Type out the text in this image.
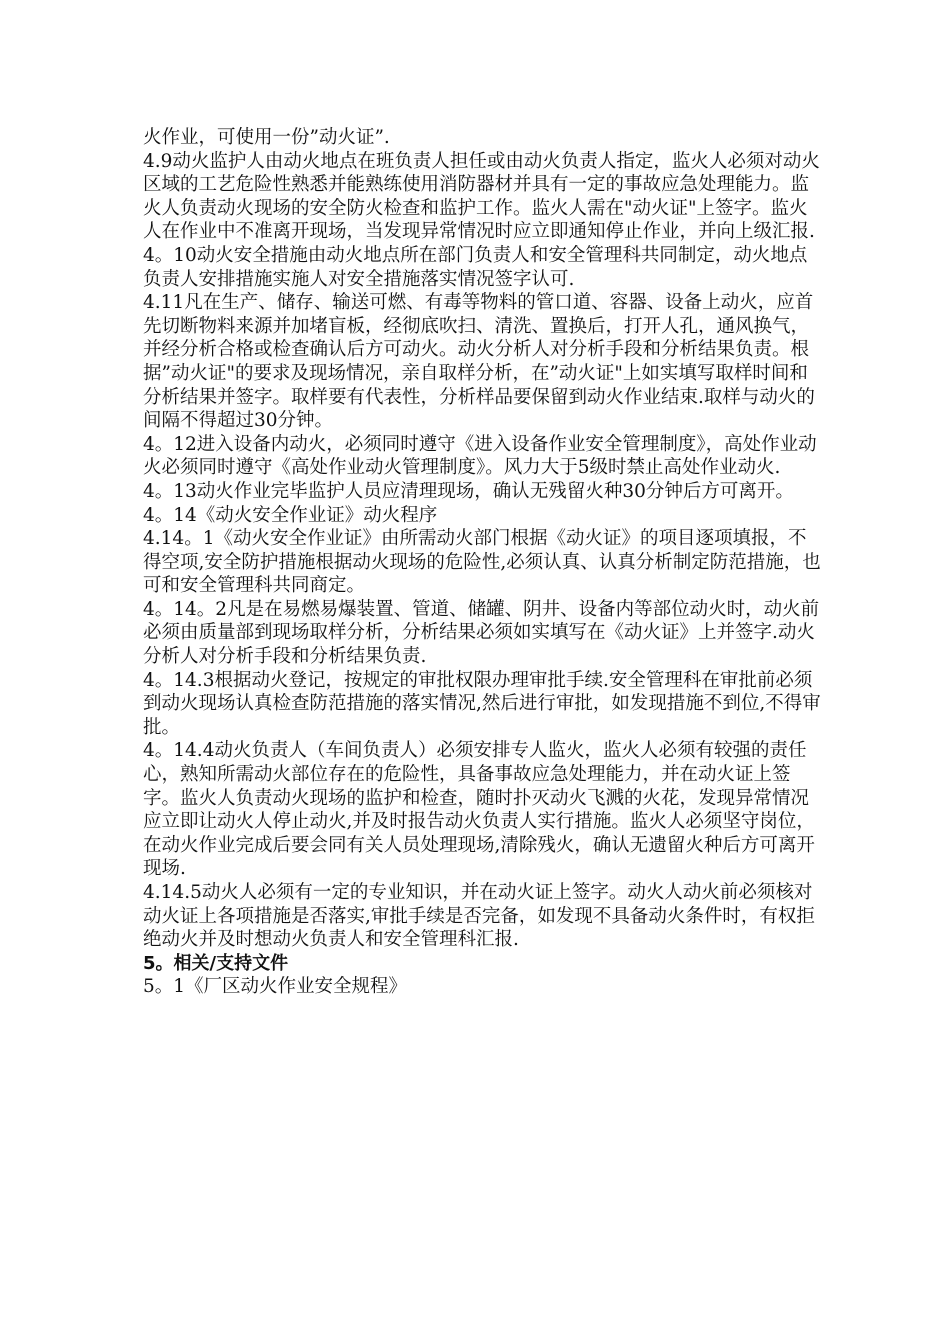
火作业，可使用一份”动火证”.

4.9动火监护人由动火地点在班负责人担任或由动火负责人指定，监火人必须对动火区域的工艺危险性熟悉并能熟练使用消防器材并具有一定的事故应急处理能力。监火人负责动火现场的安全防火检查和监护工作。监火人需在"动火证"上签字。监火人在作业中不准离开现场，当发现异常情况时应立即通知停止作业，并向上级汇报.

4。10动火安全措施由动火地点所在部门负责人和安全管理科共同制定，动火地点负责人安排措施实施人对安全措施落实情况签字认可.

4.11凡在生产、储存、输送可燃、有毒等物料的管口道、容器、设备上动火，应首先切断物料来源并加堵盲板，经彻底吹扫、清洗、置换后，打开人孔，通风换气，并经分析合格或检查确认后方可动火。动火分析人对分析手段和分析结果负责。根据”动火证"的要求及现场情况，亲自取样分析，在”动火证"上如实填写取样时间和分析结果并签字。取样要有代表性，分析样品要保留到动火作业结束.取样与动火的间隔不得超过30分钟。

4。12进入设备内动火，必须同时遵守《进入设备作业安全管理制度》，高处作业动火必须同时遵守《高处作业动火管理制度》。风力大于5级时禁止高处作业动火.

4。13动火作业完毕监护人员应清理现场，确认无残留火种30分钟后方可离开。

4。14《动火安全作业证》动火程序

4.14。1《动火安全作业证》由所需动火部门根据《动火证》的项目逐项填报，不得空项,安全防护措施根据动火现场的危险性,必须认真、认真分析制定防范措施，也可和安全管理科共同商定。

4。14。2凡是在易燃易爆装置、管道、储罐、阴井、设备内等部位动火时，动火前必须由质量部到现场取样分析，分析结果必须如实填写在《动火证》上并签字.动火分析人对分析手段和分析结果负责.

4。14.3根据动火登记，按规定的审批权限办理审批手续.安全管理科在审批前必须到动火现场认真检查防范措施的落实情况,然后进行审批，如发现措施不到位,不得审批。

4。14.4动火负责人（车间负责人）必须安排专人监火，监火人必须有较强的责任心，熟知所需动火部位存在的危险性，具备事故应急处理能力，并在动火证上签字。监火人负责动火现场的监护和检查，随时扑灭动火飞溅的火花，发现异常情况应立即让动火人停止动火,并及时报告动火负责人实行措施。监火人必须坚守岗位，在动火作业完成后要会同有关人员处理现场,清除残火，确认无遗留火种后方可离开现场.

4.14.5动火人必须有一定的专业知识，并在动火证上签字。动火人动火前必须核对动火证上各项措施是否落实,审批手续是否完备，如发现不具备动火条件时，有权拒绝动火并及时想动火负责人和安全管理科汇报.

5。相关/支持文件

5。1《厂区动火作业安全规程》
